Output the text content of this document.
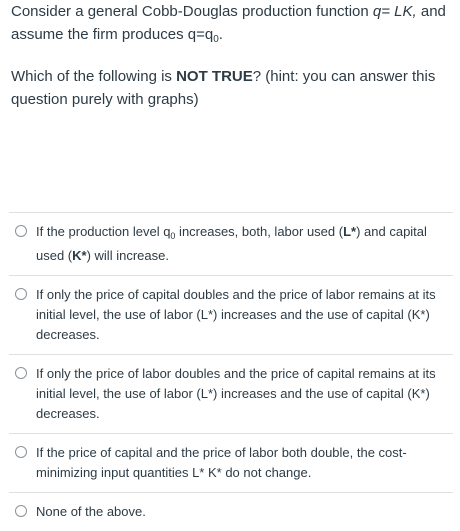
Consider a general Cobb-Douglas production function q= LK, and assume the firm produces $q=q_0$.

Which of the following is NOT TRUE? (hint: you can answer this question purely with graphs)

If the production level $q_0$ increases, both, labor used (L*) and capital used (K*) will increase.
If only the price of capital doubles and the price of labor remains at its initial level, the use of labor (L*) increases and the use of capital (K*) decreases.
If only the price of labor doubles and the price of capital remains at its initial level, the use of labor (L*) increases and the use of capital (K*) decreases.
If the price of capital and the price of labor both double, the cost-minimizing input quantities L* K* do not change.
None of the above.
